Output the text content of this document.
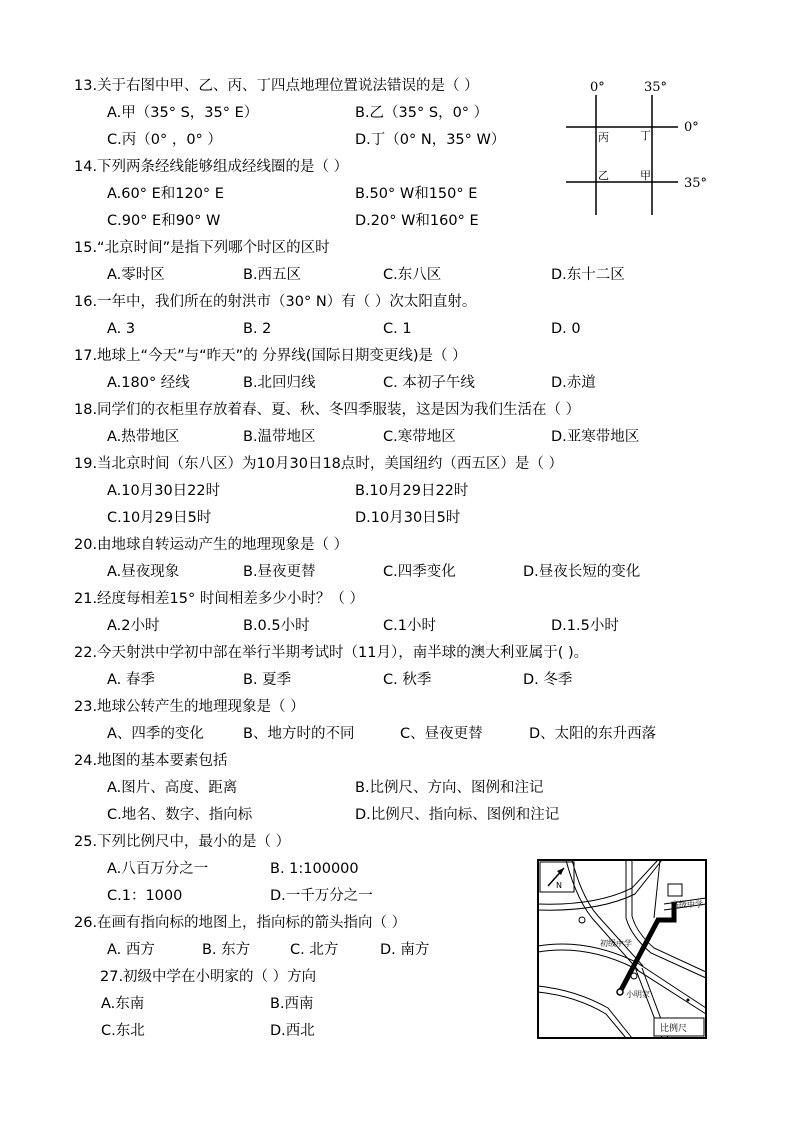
13.关于右图中甲、乙、丙、丁四点地理位置说法错误的是（ ）
A.甲（35° S，35° E）	B.乙（35° S，0° ）
C.丙（0° ，0° ）	D.丁（0° N，35° W）
14.下列两条经线能够组成经线圈的是（ ）
A.60° E和120° E	B.50° W和150° E
C.90° E和90° W	D.20° W和160° E
15.“北京时间”是指下列哪个时区的区时
A.零时区	B.西五区	C.东八区	D.东十二区
16.一年中，我们所在的射洪市（30° N）有（ ）次太阳直射。
A. 3	B. 2	C. 1	D. 0
17.地球上“今天”与“昨天”的 分界线(国际日期变更线)是（ ）
A.180° 经线	B.北回归线	C. 本初子午线	D.赤道
18.同学们的衣柜里存放着春、夏、秋、冬四季服装，这是因为我们生活在（ ）
A.热带地区	B.温带地区	C.寒带地区	D.亚寒带地区
19.当北京时间（东八区）为10月30日18点时，美国纽约（西五区）是（ ）
A.10月30日22时	B.10月29日22时
C.10月29日5时	D.10月30日5时
20.由地球自转运动产生的地理现象是（ ）
A.昼夜现象	B.昼夜更替	C.四季变化	D.昼夜长短的变化
21.经度每相差15° 时间相差多少小时？（ ）
A.2小时	B.0.5小时	C.1小时	D.1.5小时
22.今天射洪中学初中部在举行半期考试时（11月），南半球的澳大利亚属于( )。
A. 春季	B. 夏季	C. 秋季	D. 冬季
23.地球公转产生的地理现象是（ ）
A、四季的变化	B、地方时的不同	C、昼夜更替	D、太阳的东升西落
24.地图的基本要素包括
A.图片、高度、距离	B.比例尺、方向、图例和注记
C.地名、数字、指向标	D.比例尺、指向标、图例和注记
25.下列比例尺中，最小的是（ ）
A.八百万分之一	B. 1:100000
C.1：1000	D.一千万分之一
26.在画有指向标的地图上，指向标的箭头指向（ ）
A. 西方	B. 东方	C. 北方	D. 南方
27.初级中学在小明家的（ ）方向
A.东南	B.西南
C.东北	D.西北
0°	35°
0°
35°
丙	丁
乙	甲
N
高级中学
初级中学
小明家
比例尺
